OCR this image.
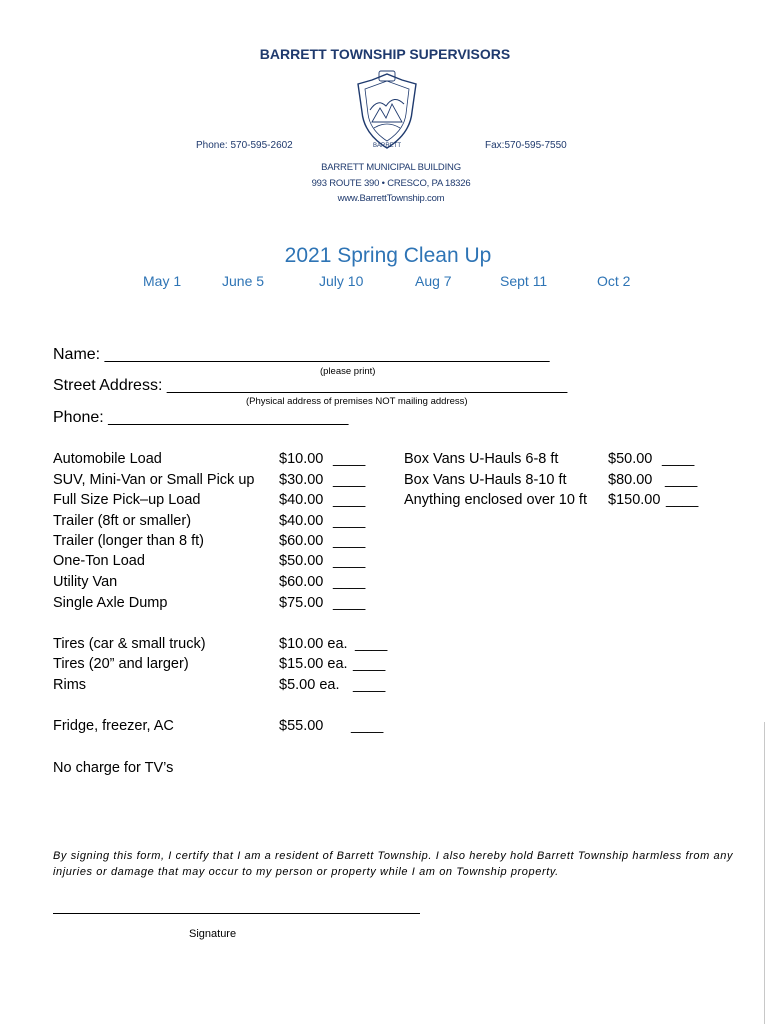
BARRETT TOWNSHIP SUPERVISORS
BARRETT
Phone: 570-595-2602	Fax:570-595-7550
BARRETT MUNICIPAL BUILDING
993 ROUTE 390 • CRESCO, PA 18326
www.BarrettTownship.com
2021 Spring Clean Up
May 1	June 5	July 10	Aug 7	Sept 11	Oct 2
Name: __________________________________________________
(please print)
Street Address: _____________________________________________
(Physical address of premises NOT mailing address)
Phone: ___________________________
Automobile Load	$10.00 ____
SUV, Mini-Van or Small Pick up $30.00 ____
Full Size Pick–up Load	$40.00 ____
Trailer (8ft or smaller)	$40.00 ____
Trailer (longer than 8 ft)	$60.00 ____
One-Ton Load	$50.00 ____
Utility Van	$60.00 ____
Single Axle Dump	$75.00 ____
Box Vans U-Hauls 6-8 ft	$50.00 ____
Box Vans U-Hauls 8-10 ft	$80.00 ____
Anything enclosed over 10 ft $150.00 ____
Tires (car & small truck)	$10.00 ea. ____
Tires (20” and larger)	$15.00 ea. ____
Rims	$5.00 ea. ____
Fridge, freezer, AC	$55.00 ____
No charge for TV’s
By signing this form, I certify that I am a resident of Barrett Township. I also hereby hold Barrett Township harmless from any injuries or damage that may occur to my person or property while I am on Township property.
Signature
